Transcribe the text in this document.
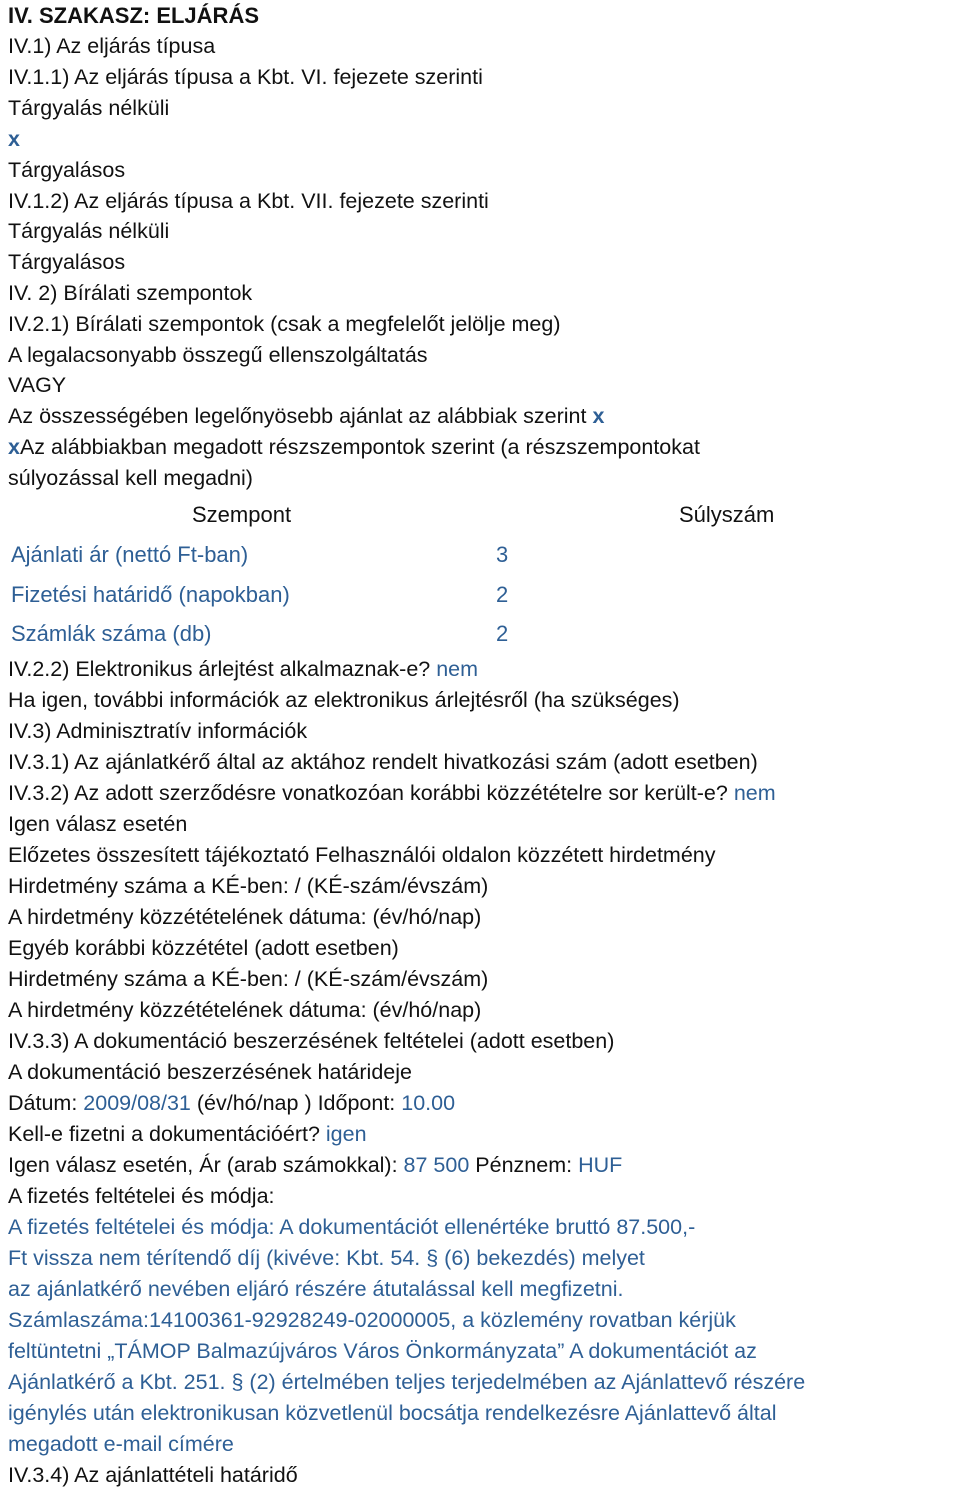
IV. SZAKASZ: ELJÁRÁS
IV.1) Az eljárás típusa
IV.1.1) Az eljárás típusa a Kbt. VI. fejezete szerinti
Tárgyalás nélküli
x
Tárgyalásos
IV.1.2) Az eljárás típusa a Kbt. VII. fejezete szerinti
Tárgyalás nélküli
Tárgyalásos
IV. 2) Bírálati szempontok
IV.2.1) Bírálati szempontok (csak a megfelelőt jelölje meg)
A legalacsonyabb összegű ellenszolgáltatás
VAGY
Az összességében legelőnyösebb ajánlat az alábbiak szerint x
xAz alábbiakban megadott részszempontok szerint (a részszempontokat
súlyozással kell megadni)
Szempont	Súlyszám
Ajánlati ár (nettó Ft-ban)	3
Fizetési határidő (napokban)	2
Számlák száma (db)	2
IV.2.2) Elektronikus árlejtést alkalmaznak-e? nem
Ha igen, további információk az elektronikus árlejtésről (ha szükséges)
IV.3) Adminisztratív információk
IV.3.1) Az ajánlatkérő által az aktához rendelt hivatkozási szám (adott esetben)
IV.3.2) Az adott szerződésre vonatkozóan korábbi közzétételre sor került-e? nem
Igen válasz esetén
Előzetes összesített tájékoztató Felhasználói oldalon közzétett hirdetmény
Hirdetmény száma a KÉ-ben: / (KÉ-szám/évszám)
A hirdetmény közzétételének dátuma: (év/hó/nap)
Egyéb korábbi közzététel (adott esetben)
Hirdetmény száma a KÉ-ben: / (KÉ-szám/évszám)
A hirdetmény közzétételének dátuma: (év/hó/nap)
IV.3.3) A dokumentáció beszerzésének feltételei (adott esetben)
A dokumentáció beszerzésének határideje
Dátum: 2009/08/31 (év/hó/nap ) Időpont: 10.00
Kell-e fizetni a dokumentációért? igen
Igen válasz esetén, Ár (arab számokkal): 87 500 Pénznem: HUF
A fizetés feltételei és módja:
A fizetés feltételei és módja: A dokumentációt ellenértéke bruttó 87.500,-
Ft vissza nem térítendő díj (kivéve: Kbt. 54. § (6) bekezdés) melyet
az ajánlatkérő nevében eljáró részére átutalással kell megfizetni.
Számlaszáma:14100361-92928249-02000005, a közlemény rovatban kérjük
feltüntetni „TÁMOP Balmazújváros Város Önkormányzata” A dokumentációt az
Ajánlatkérő a Kbt. 251. § (2) értelmében teljes terjedelmében az Ajánlattevő részére
igénylés után elektronikusan közvetlenül bocsátja rendelkezésre Ajánlattevő által
megadott e-mail címére
IV.3.4) Az ajánlattételi határidő
